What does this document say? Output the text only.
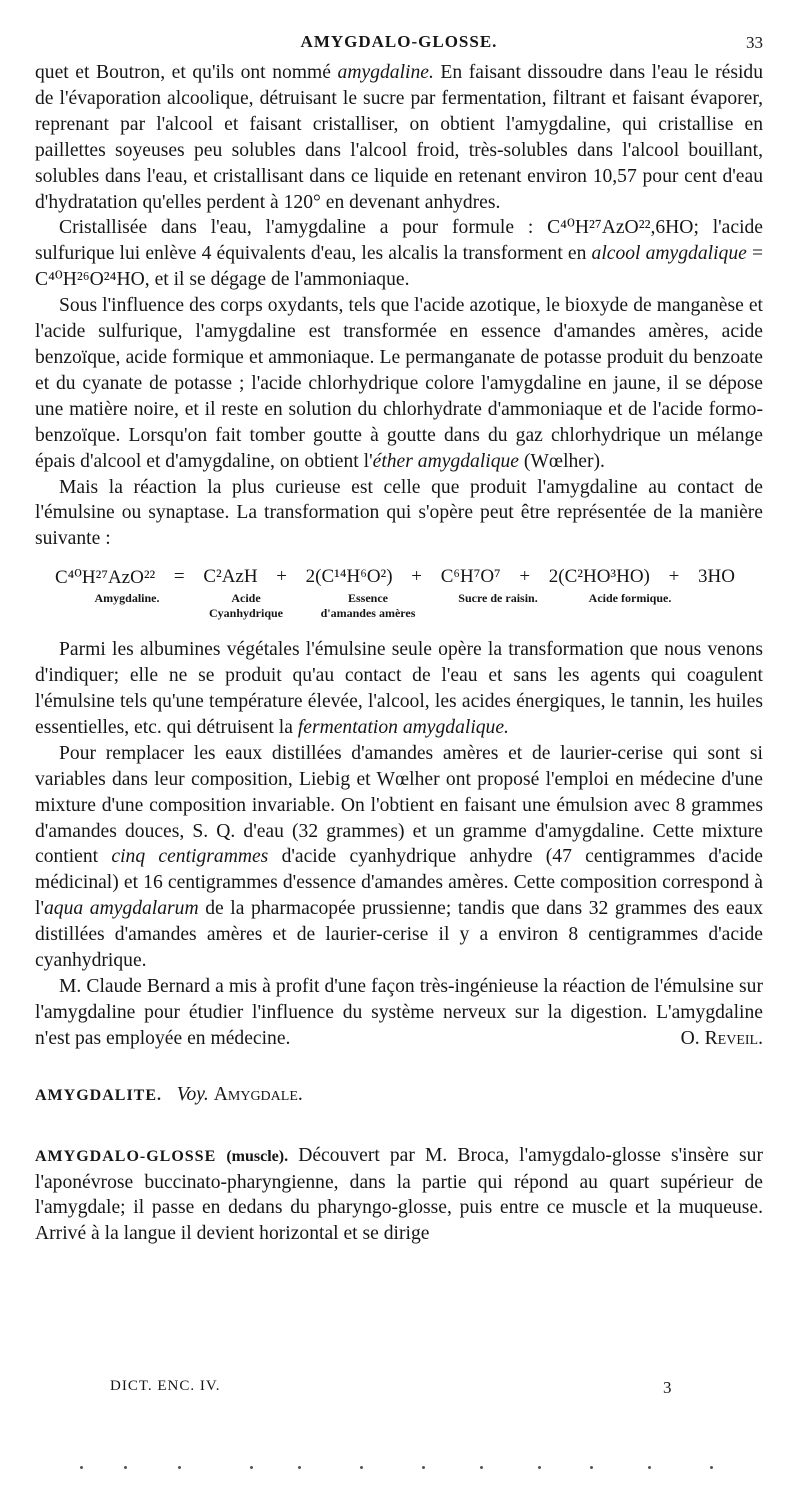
AMYGDALO-GLOSSE.	33

quet et Boutron, et qu'ils ont nommé amygdaline. En faisant dissoudre dans l'eau le résidu de l'évaporation alcoolique, détruisant le sucre par fermentation, filtrant et faisant évaporer, reprenant par l'alcool et faisant cristalliser, on obtient l'amygdaline, qui cristallise en paillettes soyeuses peu solubles dans l'alcool froid, très-solubles dans l'alcool bouillant, solubles dans l'eau, et cristallisant dans ce liquide en retenant environ 10,57 pour cent d'eau d'hydratation qu'elles perdent à 120° en devenant anhydres.

Cristallisée dans l'eau, l'amygdaline a pour formule : C⁴⁰H²⁷AzO²²,6HO; l'acide sulfurique lui enlève 4 équivalents d'eau, les alcalis la transforment en alcool amygdalique = C⁴⁰H²⁶O²⁴HO, et il se dégage de l'ammoniaque.

Sous l'influence des corps oxydants, tels que l'acide azotique, le bioxyde de manganèse et l'acide sulfurique, l'amygdaline est transformée en essence d'amandes amères, acide benzoïque, acide formique et ammoniaque. Le permanganate de potasse produit du benzoate et du cyanate de potasse ; l'acide chlorhydrique colore l'amygdaline en jaune, il se dépose une matière noire, et il reste en solution du chlorhydrate d'ammoniaque et de l'acide formo-benzoïque. Lorsqu'on fait tomber goutte à goutte dans du gaz chlorhydrique un mélange épais d'alcool et d'amygdaline, on obtient l'éther amygdalique (Wœlher).

Mais la réaction la plus curieuse est celle que produit l'amygdaline au contact de l'émulsine ou synaptase. La transformation qui s'opère peut être représentée de la manière suivante :

C⁴⁰H²⁷AzO²² = C²AzH + 2(C¹⁴H⁶O²) + C⁶H⁷O⁷ + 2(C²HO³HO) + 3HO
Amygdaline.	Acide
Cyanhydrique
Essence
d'amandes amères
Sucre de raisin.	Acide formique.

Parmi les albumines végétales l'émulsine seule opère la transformation que nous venons d'indiquer; elle ne se produit qu'au contact de l'eau et sans les agents qui coagulent l'émulsine tels qu'une température élevée, l'alcool, les acides énergiques, le tannin, les huiles essentielles, etc. qui détruisent la fermentation amygdalique.

Pour remplacer les eaux distillées d'amandes amères et de laurier-cerise qui sont si variables dans leur composition, Liebig et Wœlher ont proposé l'emploi en médecine d'une mixture d'une composition invariable. On l'obtient en faisant une émulsion avec 8 grammes d'amandes douces, S. Q. d'eau (32 grammes) et un gramme d'amygdaline. Cette mixture contient cinq centigrammes d'acide cyanhydrique anhydre (47 centigrammes d'acide médicinal) et 16 centigrammes d'essence d'amandes amères. Cette composition correspond à l'aqua amygdalarum de la pharmacopée prussienne; tandis que dans 32 grammes des eaux distillées d'amandes amères et de laurier-cerise il y a environ 8 centigrammes d'acide cyanhydrique.

M. Claude Bernard a mis à profit d'une façon très-ingénieuse la réaction de l'émulsine sur l'amygdaline pour étudier l'influence du système nerveux sur la digestion. L'amygdaline n'est pas employée en médecine.	O. Reveil.

AMYGDALITE. Voy. Amygdale.

AMYGDALO-GLOSSE (muscle). Découvert par M. Broca, l'amygdalo-glosse s'insère sur l'aponévrose buccinato-pharyngienne, dans la partie qui répond au quart supérieur de l'amygdale; il passe en dedans du pharyngo-glosse, puis entre ce muscle et la muqueuse. Arrivé à la langue il devient horizontal et se dirige

DICT. ENC. IV.	3
